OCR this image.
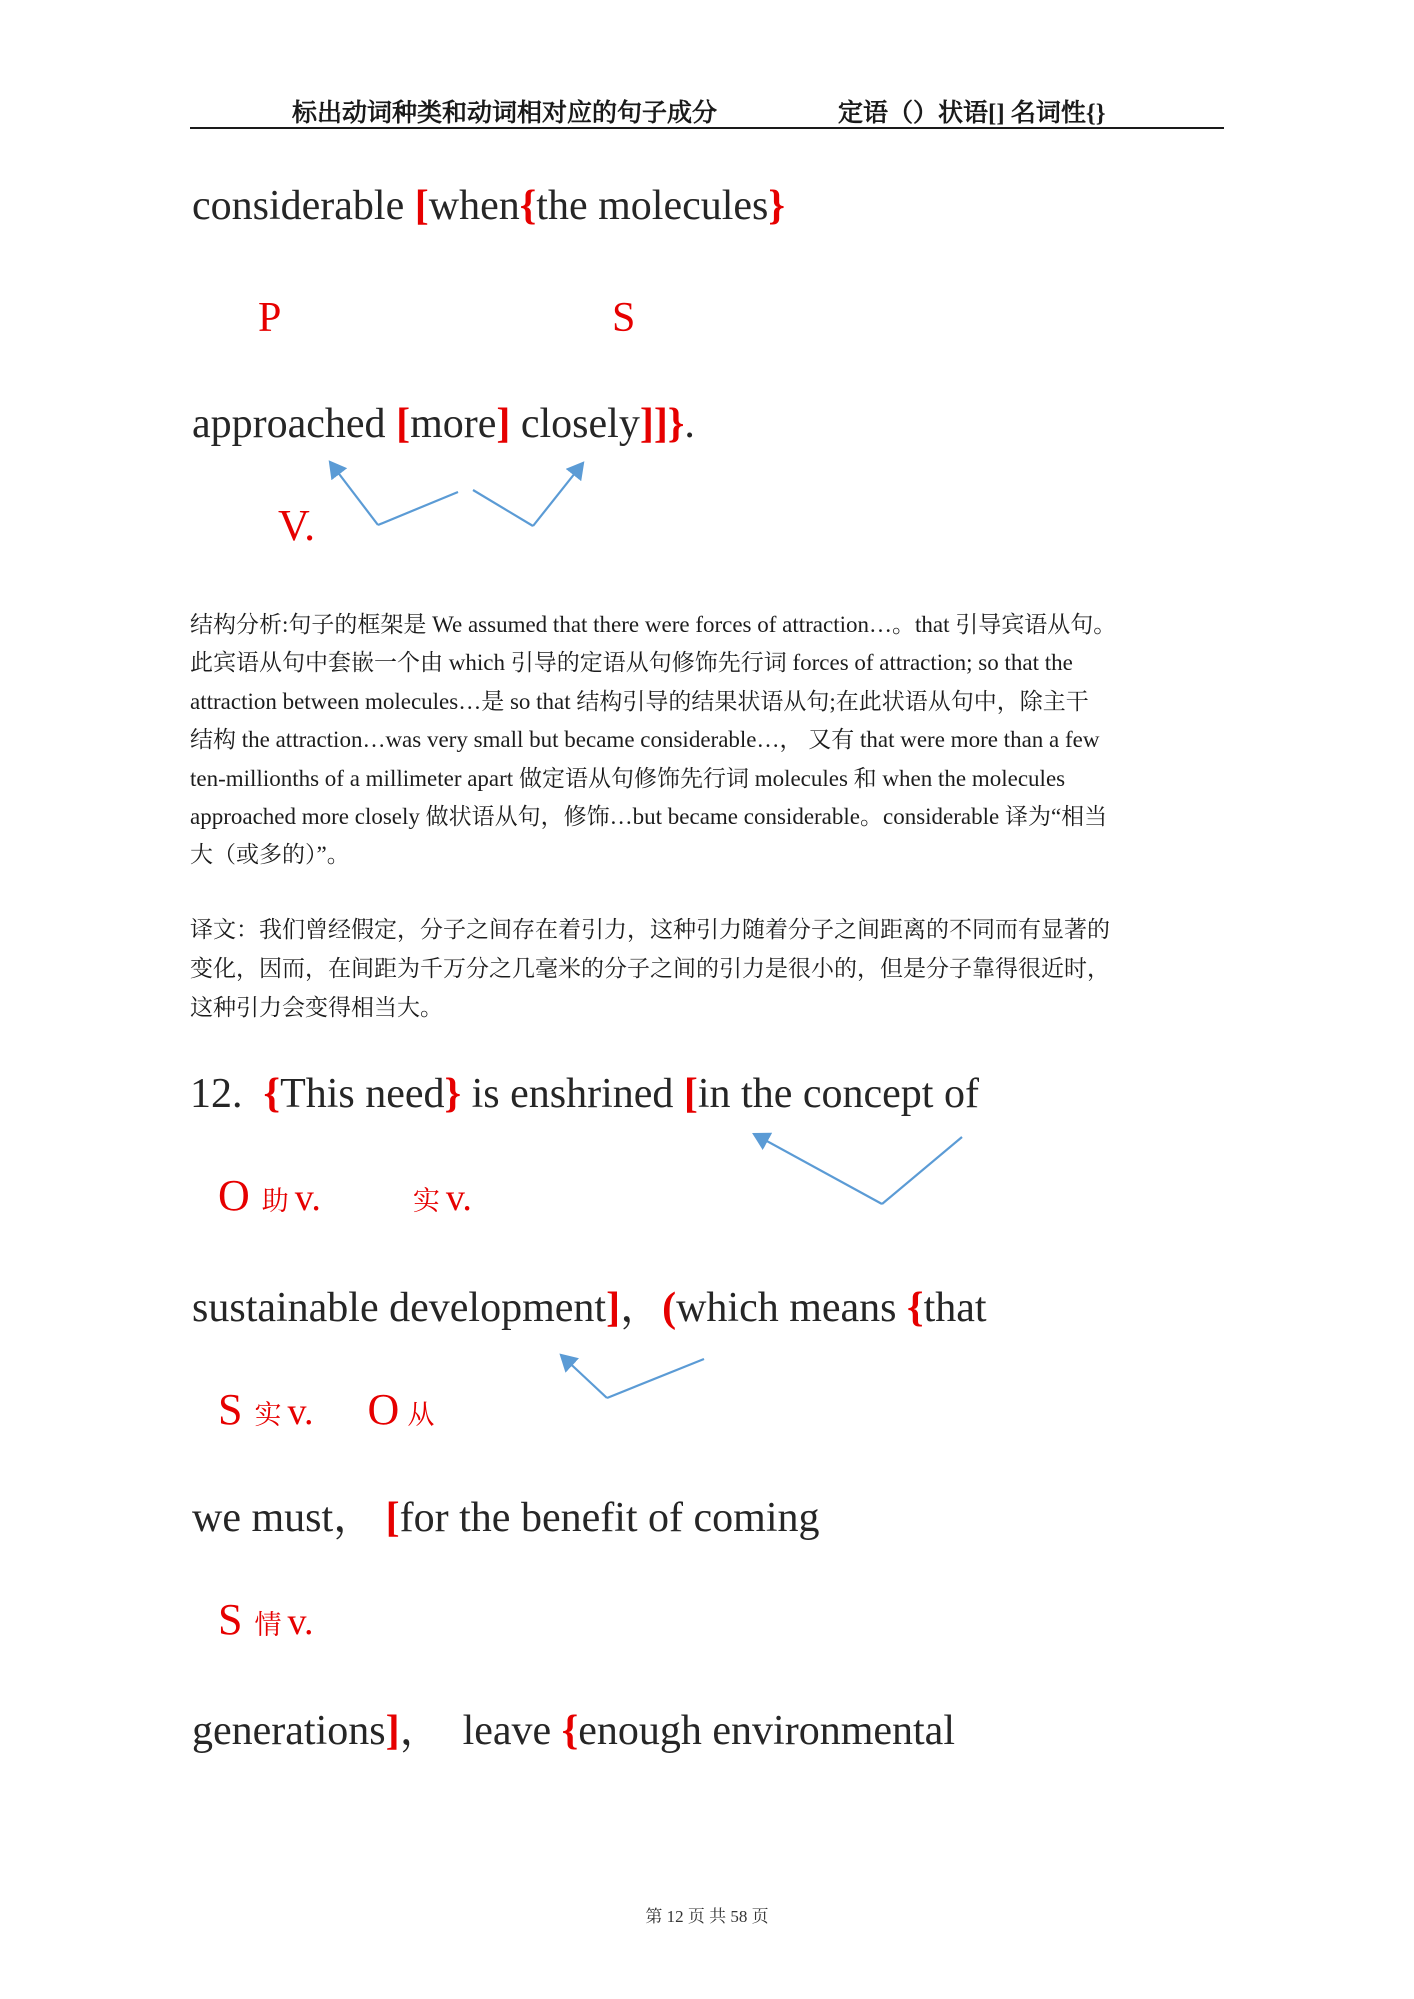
标出动词种类和动词相对应的句子成分	定语（）状语[] 名词性{}
considerable [when{the molecules}
P	S
approached [more] closely]]}.
V.
结构分析:句子的框架是 We assumed that there were forces of attraction…。that 引导宾语从句。
此宾语从句中套嵌一个由 which 引导的定语从句修饰先行词 forces of attraction; so that the
attraction between molecules…是 so that 结构引导的结果状语从句;在此状语从句中，除主干
结构 the attraction…was very small but became considerable…， 又有 that were more than a few
ten-millionths of a millimeter apart 做定语从句修饰先行词 molecules 和 when the molecules
approached more closely 做状语从句，修饰…but became considerable。considerable 译为“相当
大（或多的）”。
译文：我们曾经假定，分子之间存在着引力，这种引力随着分子之间距离的不同而有显著的
变化，因而，在间距为千万分之几毫米的分子之间的引力是很小的，但是分子靠得很近时，
这种引力会变得相当大。
12.  {This need} is enshrined [in the concept of
O 助 v.	实 v.
sustainable development]，(which means {that
S 实 v. O 从
we must， [for the benefit of coming
S 情 v.
generations]，  leave {enough environmental
第 12 页 共 58 页
